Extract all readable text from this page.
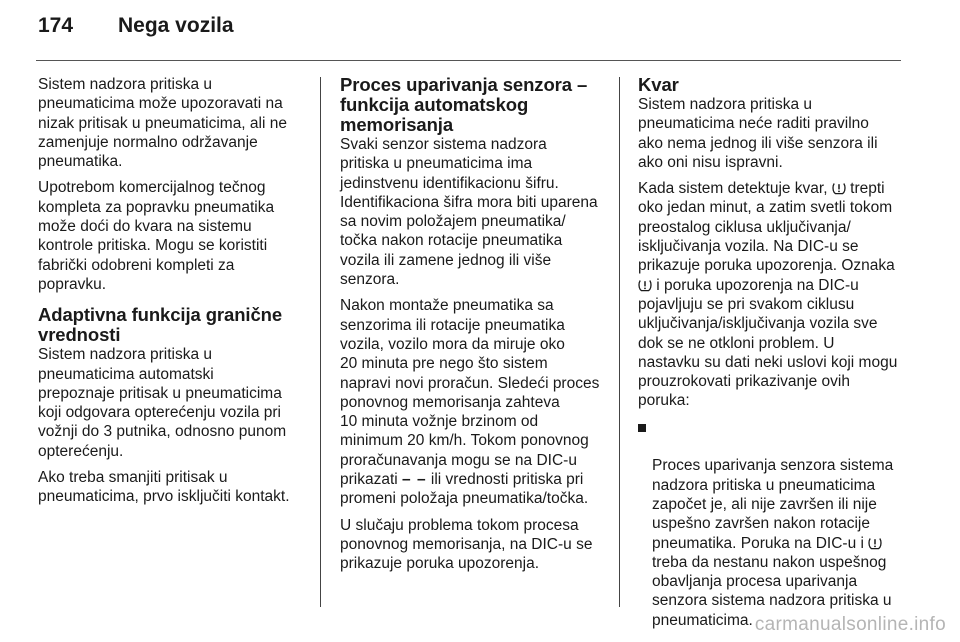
174 Nega vozila

Sistem nadzora pritiska u
pneumaticima može upozoravati na
nizak pritisak u pneumaticima, ali ne
zamenjuje normalno održavanje
pneumatika.

Upotrebom komercijalnog tečnog
kompleta za popravku pneumatika
može doći do kvara na sistemu
kontrole pritiska. Mogu se koristiti
fabrički odobreni kompleti za
popravku.

Adaptivna funkcija granične
vrednosti

Sistem nadzora pritiska u
pneumaticima automatski
prepoznaje pritisak u pneumaticima
koji odgovara opterećenju vozila pri
vožnji do 3 putnika, odnosno punom
opterećenju.

Ako treba smanjiti pritisak u
pneumaticima, prvo isključiti kontakt.

Proces uparivanja senzora –
funkcija automatskog
memorisanja

Svaki senzor sistema nadzora
pritiska u pneumaticima ima
jedinstvenu identifikacionu šifru.
Identifikaciona šifra mora biti uparena
sa novim položajem pneumatika/
točka nakon rotacije pneumatika
vozila ili zamene jednog ili više
senzora.

Nakon montaže pneumatika sa
senzorima ili rotacije pneumatika
vozila, vozilo mora da miruje oko
20 minuta pre nego što sistem
napravi novi proračun. Sledeći proces
ponovnog memorisanja zahteva
10 minuta vožnje brzinom od
minimum 20 km/h. Tokom ponovnog
proračunavanja mogu se na DIC-u
prikazati – – ili vrednosti pritiska pri
promeni položaja pneumatika/točka.

U slučaju problema tokom procesa
ponovnog memorisanja, na DIC-u se
prikazuje poruka upozorenja.

Kvar

Sistem nadzora pritiska u
pneumaticima neće raditi pravilno
ako nema jednog ili više senzora ili
ako oni nisu ispravni.

Kada sistem detektuje kvar,  trepti
oko jedan minut, a zatim svetli tokom
preostalog ciklusa uključivanja/
isključivanja vozila. Na DIC-u se
prikazuje poruka upozorenja. Oznaka
i poruka upozorenja na DIC-u
pojavljuju se pri svakom ciklusu
uključivanja/isključivanja vozila sve
dok se ne otkloni problem. U
nastavku su dati neki uslovi koji mogu
prouzrokovati prikazivanje ovih
poruka:

Proces uparivanja senzora sistema
nadzora pritiska u pneumaticima
započet je, ali nije završen ili nije
uspešno završen nakon rotacije
pneumatika. Poruka na DIC-u i
treba da nestanu nakon uspešnog
obavljanja procesa uparivanja
senzora sistema nadzora pritiska u
pneumaticima. carmanualsonline.info
